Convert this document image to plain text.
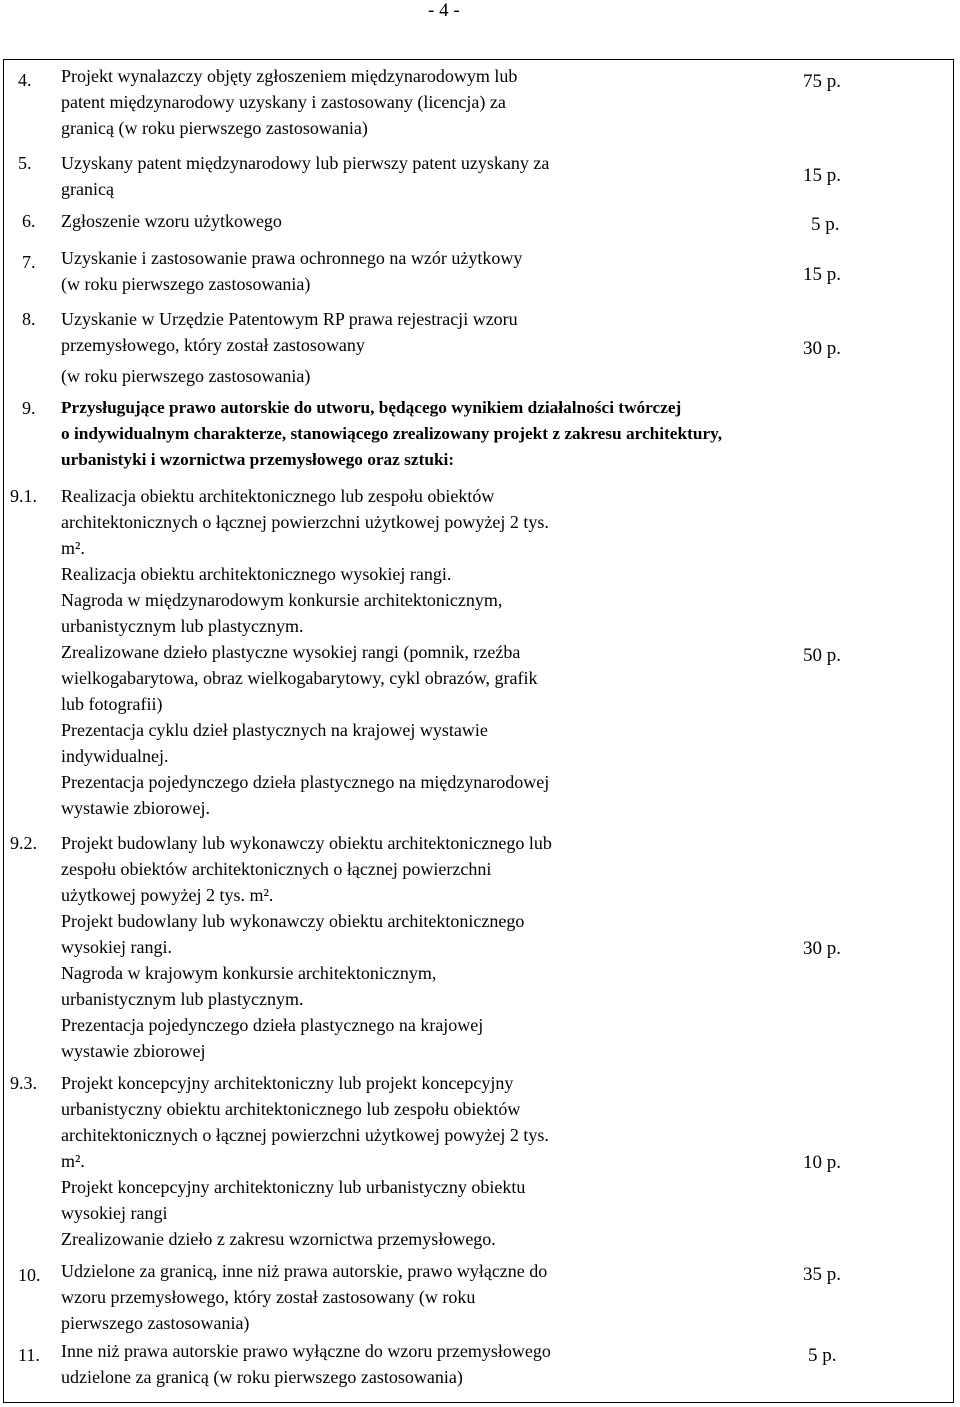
- 4 -
4. Projekt wynalazczy objęty zgłoszeniem międzynarodowym lub
patent międzynarodowy uzyskany i zastosowany (licencja) za
granicą (w roku pierwszego zastosowania)
75 p.
5. Uzyskany patent międzynarodowy lub pierwszy patent uzyskany za
granicą
15 p.
6. Zgłoszenie wzoru użytkowego	5 p.
7. Uzyskanie i zastosowanie prawa ochronnego na wzór użytkowy
(w roku pierwszego zastosowania)	15 p.
8. Uzyskanie w Urzędzie Patentowym RP prawa rejestracji wzoru
przemysłowego, który został zastosowany
(w roku pierwszego zastosowania)
30 p.
9. Przysługujące prawo autorskie do utworu, będącego wynikiem działalności twórczej
o indywidualnym charakterze, stanowiącego zrealizowany projekt z zakresu architektury,
urbanistyki i wzornictwa przemysłowego oraz sztuki:
9.1. Realizacja obiektu architektonicznego lub zespołu obiektów
architektonicznych o łącznej powierzchni użytkowej powyżej 2 tys.
m².
Realizacja obiektu architektonicznego wysokiej rangi.
Nagroda w międzynarodowym konkursie architektonicznym,
urbanistycznym lub plastycznym.
Zrealizowane dzieło plastyczne wysokiej rangi (pomnik, rzeźba
wielkogabarytowa, obraz wielkogabarytowy, cykl obrazów, grafik
lub fotografii)
Prezentacja cyklu dzieł plastycznych na krajowej wystawie
indywidualnej.
Prezentacja pojedynczego dzieła plastycznego na międzynarodowej
wystawie zbiorowej.
50 p.
9.2. Projekt budowlany lub wykonawczy obiektu architektonicznego lub
zespołu obiektów architektonicznych o łącznej powierzchni
użytkowej powyżej 2 tys. m².
Projekt budowlany lub wykonawczy obiektu architektonicznego
wysokiej rangi.
Nagroda w krajowym konkursie architektonicznym,
urbanistycznym lub plastycznym.
Prezentacja pojedynczego dzieła plastycznego na krajowej
wystawie zbiorowej
30 p.
9.3. Projekt koncepcyjny architektoniczny lub projekt koncepcyjny
urbanistyczny obiektu architektonicznego lub zespołu obiektów
architektonicznych o łącznej powierzchni użytkowej powyżej 2 tys.
m².
Projekt koncepcyjny architektoniczny lub urbanistyczny obiektu
wysokiej rangi
Zrealizowanie dzieło z zakresu wzornictwa przemysłowego.
10 p.
10. Udzielone za granicą, inne niż prawa autorskie, prawo wyłączne do
wzoru przemysłowego, który został zastosowany (w roku
pierwszego zastosowania)
35 p.
11. Inne niż prawa autorskie prawo wyłączne do wzoru przemysłowego
udzielone za granicą (w roku pierwszego zastosowania)
5 p.
